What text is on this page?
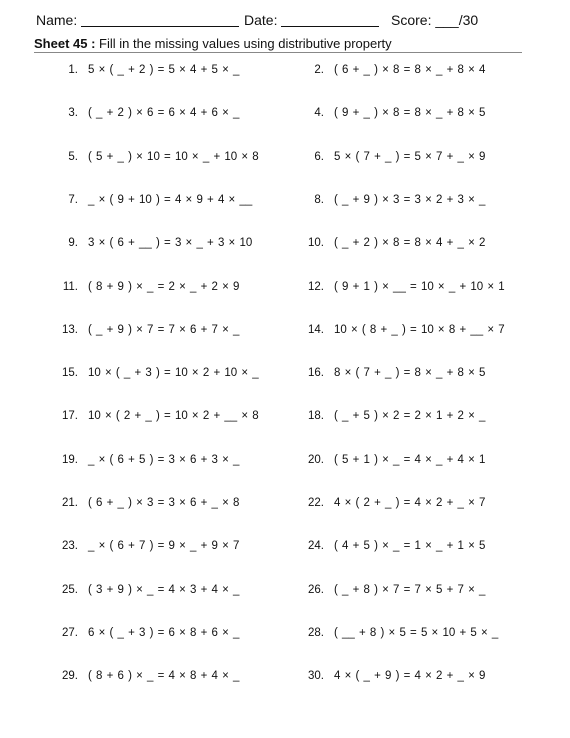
Name:	Date:	Score: ___/30
Sheet 45 : Fill in the missing values using distributive property
1. 5 × ( _ + 2 ) = 5 × 4 + 5 × _	2. ( 6 + _ ) × 8 = 8 × _ + 8 × 4
3. ( _ + 2 ) × 6 = 6 × 4 + 6 × _	4. ( 9 + _ ) × 8 = 8 × _ + 8 × 5
5. ( 5 + _ ) × 10 = 10 × _ + 10 × 8	6. 5 × ( 7 + _ ) = 5 × 7 + _ × 9
7. _ × ( 9 + 10 ) = 4 × 9 + 4 × __	8. ( _ + 9 ) × 3 = 3 × 2 + 3 × _
9. 3 × ( 6 + __ ) = 3 × _ + 3 × 10	10. ( _ + 2 ) × 8 = 8 × 4 + _ × 2
11. ( 8 + 9 ) × _ = 2 × _ + 2 × 9	12. ( 9 + 1 ) × __ = 10 × _ + 10 × 1
13. ( _ + 9 ) × 7 = 7 × 6 + 7 × _	14. 10 × ( 8 + _ ) = 10 × 8 + __ × 7
15. 10 × ( _ + 3 ) = 10 × 2 + 10 × _	16. 8 × ( 7 + _ ) = 8 × _ + 8 × 5
17. 10 × ( 2 + _ ) = 10 × 2 + __ × 8	18. ( _ + 5 ) × 2 = 2 × 1 + 2 × _
19. _ × ( 6 + 5 ) = 3 × 6 + 3 × _	20. ( 5 + 1 ) × _ = 4 × _ + 4 × 1
21. ( 6 + _ ) × 3 = 3 × 6 + _ × 8	22. 4 × ( 2 + _ ) = 4 × 2 + _ × 7
23. _ × ( 6 + 7 ) = 9 × _ + 9 × 7	24. ( 4 + 5 ) × _ = 1 × _ + 1 × 5
25. ( 3 + 9 ) × _ = 4 × 3 + 4 × _	26. ( _ + 8 ) × 7 = 7 × 5 + 7 × _
27. 6 × ( _ + 3 ) = 6 × 8 + 6 × _	28. ( __ + 8 ) × 5 = 5 × 10 + 5 × _
29. ( 8 + 6 ) × _ = 4 × 8 + 4 × _	30. 4 × ( _ + 9 ) = 4 × 2 + _ × 9
